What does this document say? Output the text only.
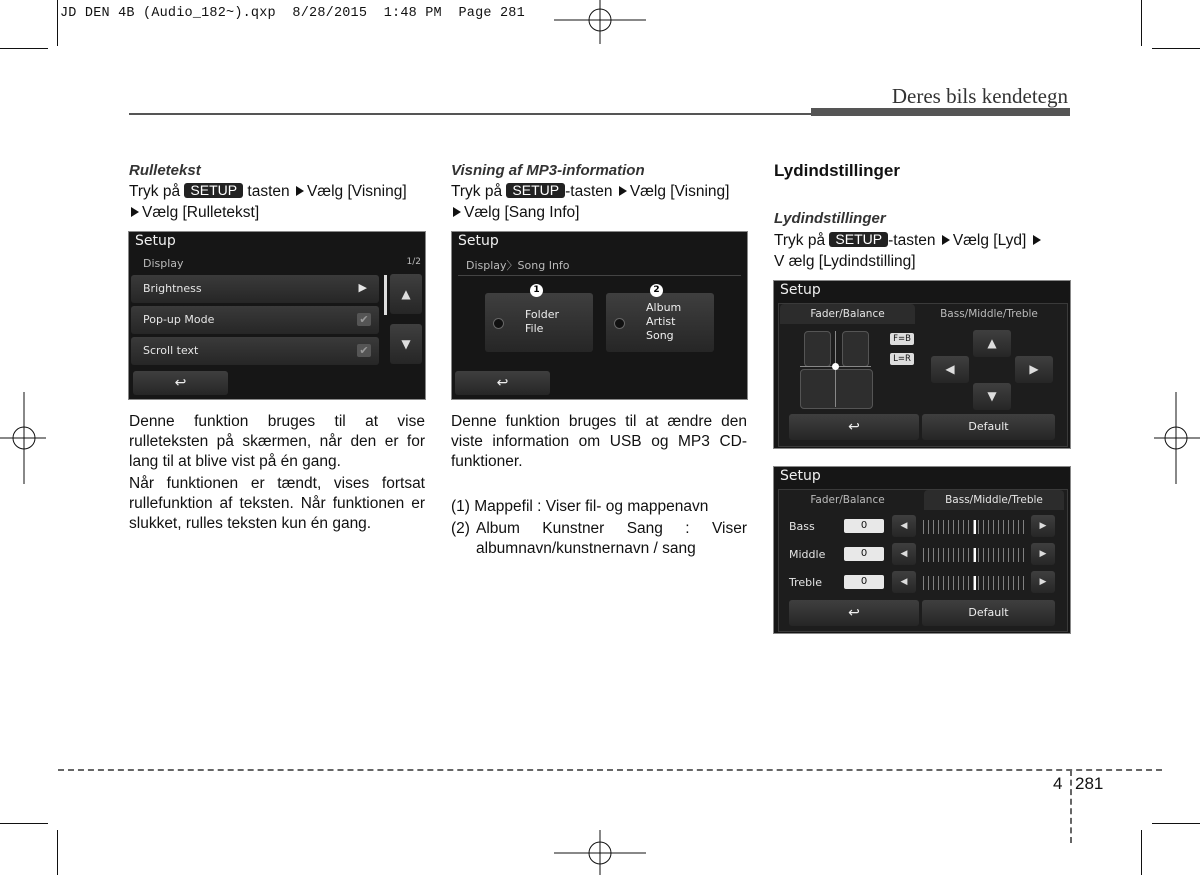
JD DEN 4B (Audio_182~).qxp  8/28/2015  1:48 PM  Page 281
Deres bils kendetegn
Rulletekst
Tryk på SETUP tasten Vælg [Visning]
Vælg [Rulletekst]
Setup
Display	1/2
Brightness	▶
Pop-up Mode	✔
Scroll text	✔
▲
▼
↩
Denne funktion bruges til at vise
rulleteksten på skærmen, når den er for
lang til at blive vist på én gang.
Når funktionen er tændt, vises fortsat
rullefunktion af teksten. Når funktionen er
slukket, rulles teksten kun én gang.
Visning af MP3-information
Tryk på SETUP -tasten Vælg [Visning]
Vælg [Sang Info]
Setup
Display〉Song Info
Folder
File
Album
Artist
Song
1	2
↩
Denne funktion bruges til at ændre den
viste information om USB og MP3 CD-
funktioner.
(1) Mappefil : Viser fil- og mappenavn
(2) Album Kunstner Sang : Viser
albumnavn/kunstnernavn / sang
Lydindstillinger
Lydindstillinger
Tryk på SETUP -tasten Vælg [Lyd]
V ælg [Lydindstilling]
Setup
Fader/Balance	Bass/Middle/Treble
F=B
L=R
▲
◀	▶
▼
↩	Default
Setup
Fader/Balance	Bass/Middle/Treble
Bass	0	◀	▶
Middle	0	◀	▶
Treble	0	◀	▶
↩	Default
4 281
